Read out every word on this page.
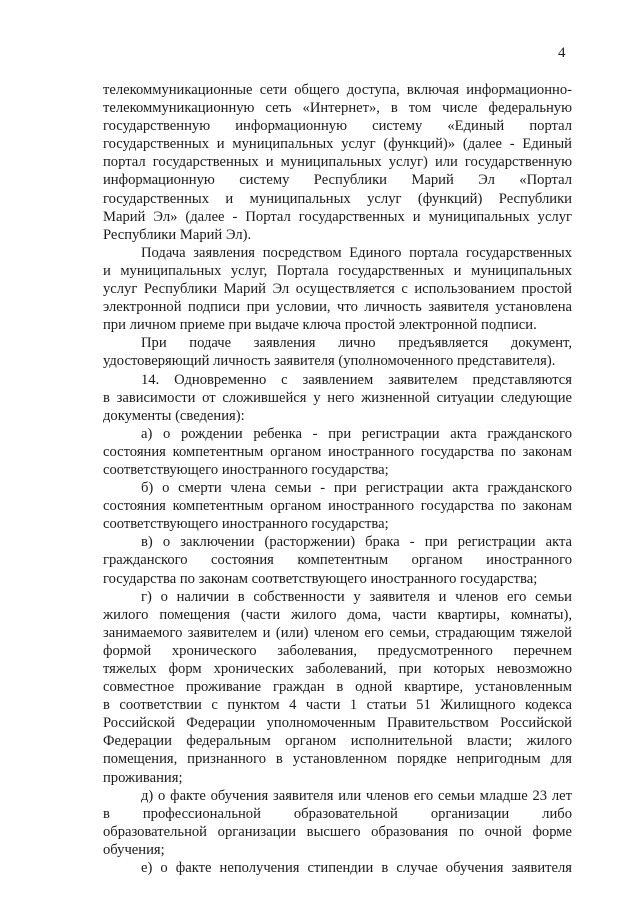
4
телекоммуникационные сети общего доступа, включая информационно-
телекоммуникационную сеть «Интернет», в том числе федеральную
государственную информационную систему «Единый портал
государственных и муниципальных услуг (функций)» (далее - Единый
портал государственных и муниципальных услуг) или государственную
информационную систему Республики Марий Эл «Портал
государственных и муниципальных услуг (функций) Республики
Марий Эл» (далее - Портал государственных и муниципальных услуг
Республики Марий Эл).
Подача заявления посредством Единого портала государственных
и муниципальных услуг, Портала государственных и муниципальных
услуг Республики Марий Эл осуществляется с использованием простой
электронной подписи при условии, что личность заявителя установлена
при личном приеме при выдаче ключа простой электронной подписи.
При подаче заявления лично предъявляется документ,
удостоверяющий личность заявителя (уполномоченного представителя).
14. Одновременно с заявлением заявителем представляются
в зависимости от сложившейся у него жизненной ситуации следующие
документы (сведения):
а) о рождении ребенка - при регистрации акта гражданского
состояния компетентным органом иностранного государства по законам
соответствующего иностранного государства;
б) о смерти члена семьи - при регистрации акта гражданского
состояния компетентным органом иностранного государства по законам
соответствующего иностранного государства;
в) о заключении (расторжении) брака - при регистрации акта
гражданского состояния компетентным органом иностранного
государства по законам соответствующего иностранного государства;
г) о наличии в собственности у заявителя и членов его семьи
жилого помещения (части жилого дома, части квартиры, комнаты),
занимаемого заявителем и (или) членом его семьи, страдающим тяжелой
формой хронического заболевания, предусмотренного перечнем
тяжелых форм хронических заболеваний, при которых невозможно
совместное проживание граждан в одной квартире, установленным
в соответствии с пунктом 4 части 1 статьи 51 Жилищного кодекса
Российской Федерации уполномоченным Правительством Российской
Федерации федеральным органом исполнительной власти; жилого
помещения, признанного в установленном порядке непригодным для
проживания;
д) о факте обучения заявителя или членов его семьи младше 23 лет
в профессиональной образовательной организации либо
образовательной организации высшего образования по очной форме
обучения;
е) о факте неполучения стипендии в случае обучения заявителя
